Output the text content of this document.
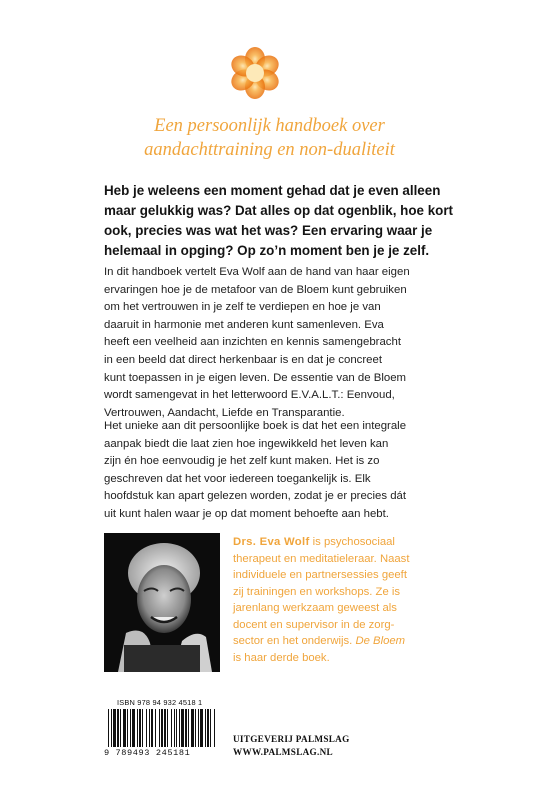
Een persoonlijk handboek over
aandachttraining en non-dualiteit
Heb je weleens een moment gehad dat je even alleen
maar gelukkig was? Dat alles op dat ogenblik, hoe kort
ook, precies was wat het was? Een ervaring waar je
helemaal in opging? Op zo’n moment ben je je zelf.
In dit handboek vertelt Eva Wolf aan de hand van haar eigen
ervaringen hoe je de metafoor van de Bloem kunt gebruiken
om het vertrouwen in je zelf te verdiepen en hoe je van
daaruit in harmonie met anderen kunt samenleven. Eva
heeft een veelheid aan inzichten en kennis samengebracht
in een beeld dat direct herkenbaar is en dat je concreet
kunt toepassen in je eigen leven. De essentie van de Bloem
wordt samengevat in het letterwoord E.V.A.L.T.: Eenvoud,
Vertrouwen, Aandacht, Liefde en Transparantie.
Het unieke aan dit persoonlijke boek is dat het een integrale
aanpak biedt die laat zien hoe ingewikkeld het leven kan
zijn én hoe eenvoudig je het zelf kunt maken. Het is zo
geschreven dat het voor iedereen toegankelijk is. Elk
hoofdstuk kan apart gelezen worden, zodat je er precies dát
uit kunt halen waar je op dat moment behoefte aan hebt.
Drs. Eva Wolf is psychosociaal
therapeut en meditatieleraar. Naast
individuele en partnersessies geeft
zij trainingen en workshops. Ze is
jarenlang werkzaam geweest als
docent en supervisor in de zorg-
sector en het onderwijs. De Bloem
is haar derde boek.
ISBN 978 94 932 4518 1
9 789493 245181
UITGEVERIJ PALMSLAG
WWW.PALMSLAG.NL
